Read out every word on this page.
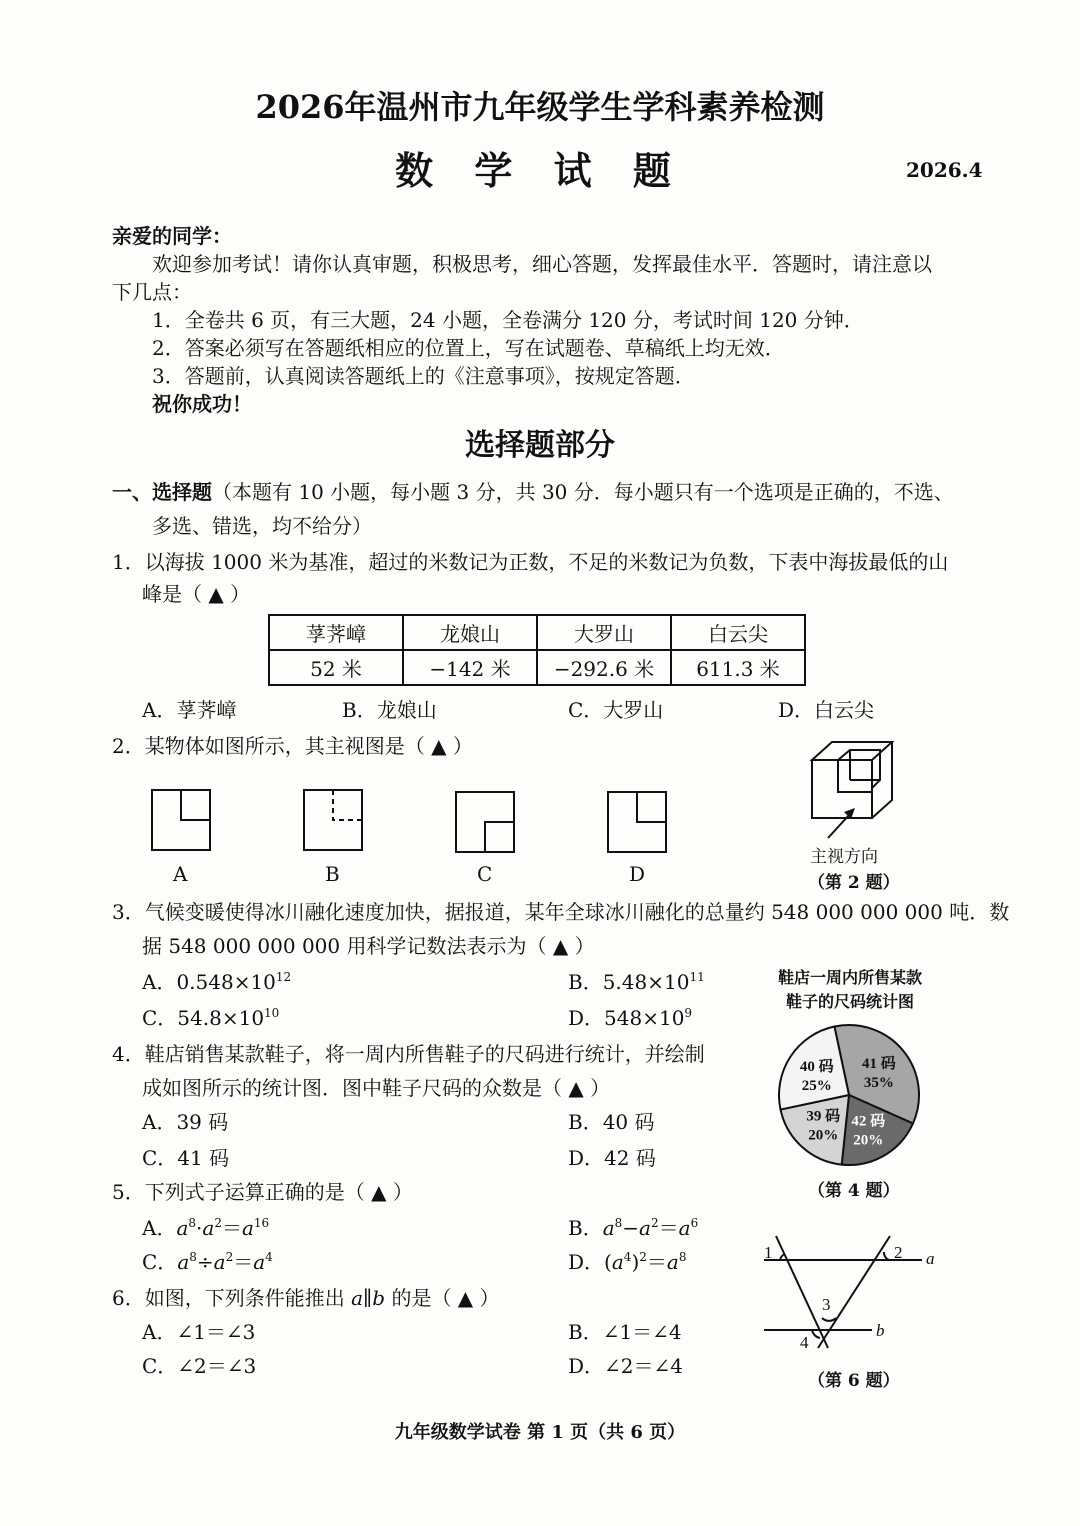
2026年温州市九年级学生学科素养检测
数 学 试 题	2026.4
亲爱的同学：
欢迎参加考试！请你认真审题，积极思考，细心答题，发挥最佳水平．答题时，请注意以
下几点：
1．全卷共 6 页，有三大题，24 小题，全卷满分 120 分，考试时间 120 分钟．
2．答案必须写在答题纸相应的位置上，写在试题卷、草稿纸上均无效．
3．答题前，认真阅读答题纸上的《注意事项》，按规定答题．
祝你成功！
选择题部分
一、选择题（本题有 10 小题，每小题 3 分，共 30 分．每小题只有一个选项是正确的，不选、
多选、错选，均不给分）
1．以海拔 1000 米为基准，超过的米数记为正数，不足的米数记为负数，下表中海拔最低的山
峰是（ ▲ ）
莩荠嶂	龙娘山	大罗山	白云尖
52 米	−142 米	−292.6 米	611.3 米
A．莩荠嶂	B．龙娘山	C．大罗山	D．白云尖
2．某物体如图所示，其主视图是（ ▲ ）
A	B	C	D
主视方向
（第 2 题）
3．气候变暖使得冰川融化速度加快，据报道，某年全球冰川融化的总量约 548 000 000 000 吨．数
据 548 000 000 000 用科学记数法表示为（ ▲ ）
A．$0.548\times 10^{12}$	B．$5.48\times 10^{11}$
C．$54.8\times 10^{10}$	D．$548\times 10^9$
4．鞋店销售某款鞋子，将一周内所售鞋子的尺码进行统计，并绘制
成如图所示的统计图．图中鞋子尺码的众数是（ ▲ ）
A．39 码	B．40 码
C．41 码	D．42 码
鞋店一周内所售某款
鞋子的尺码统计图
41 码
35%
42 码
20%
39 码
20%
40 码
25%
（第 4 题）
5．下列式子运算正确的是（ ▲ ）
A．$a^8\cdot a^2=a^{16}$	B．$a^8-a^2=a^6$
C．$a^8\div a^2=a^4$	D．$(a^4)^2=a^8$
6．如图，下列条件能推出 a∥b 的是（ ▲ ）
A．∠1＝∠3	B．∠1＝∠4
C．∠2＝∠3	D．∠2＝∠4
1	2
3
4
a
b
（第 6 题）
九年级数学试卷 第 1 页（共 6 页）
